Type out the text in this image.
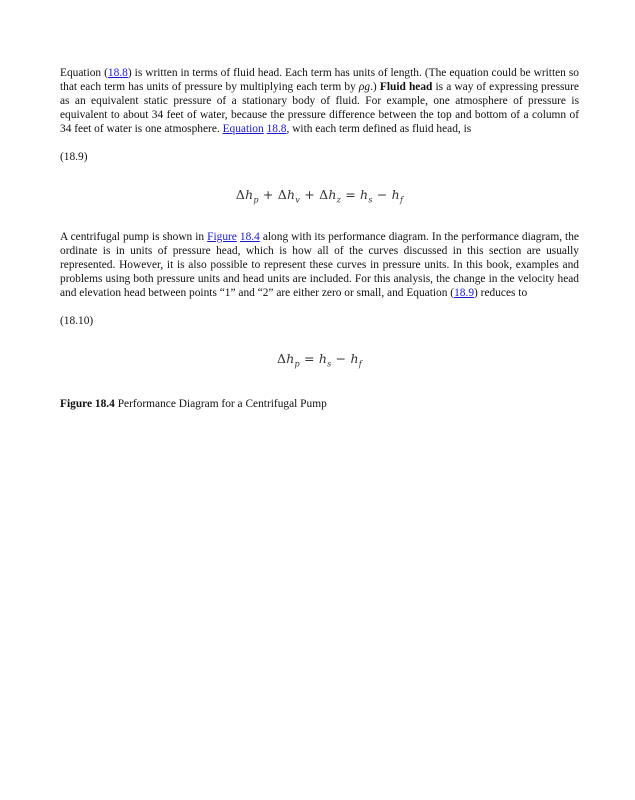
Equation (18.8) is written in terms of fluid head. Each term has units of length. (The equation could be written so that each term has units of pressure by multiplying each term by ρg.) Fluid head is a way of expressing pressure as an equivalent static pressure of a stationary body of fluid. For example, one atmosphere of pressure is equivalent to about 34 feet of water, because the pressure difference between the top and bottom of a column of 34 feet of water is one atmosphere. Equation 18.8, with each term defined as fluid head, is

(18.9)

$\Delta h_p + \Delta h_v + \Delta h_z = h_s - h_f$

A centrifugal pump is shown in Figure 18.4 along with its performance diagram. In the performance diagram, the ordinate is in units of pressure head, which is how all of the curves discussed in this section are usually represented. However, it is also possible to represent these curves in pressure units. In this book, examples and problems using both pressure units and head units are included. For this analysis, the change in the velocity head and elevation head between points “1” and “2” are either zero or small, and Equation (18.9) reduces to

(18.10)

$\Delta h_p = h_s - h_f$

Figure 18.4 Performance Diagram for a Centrifugal Pump
